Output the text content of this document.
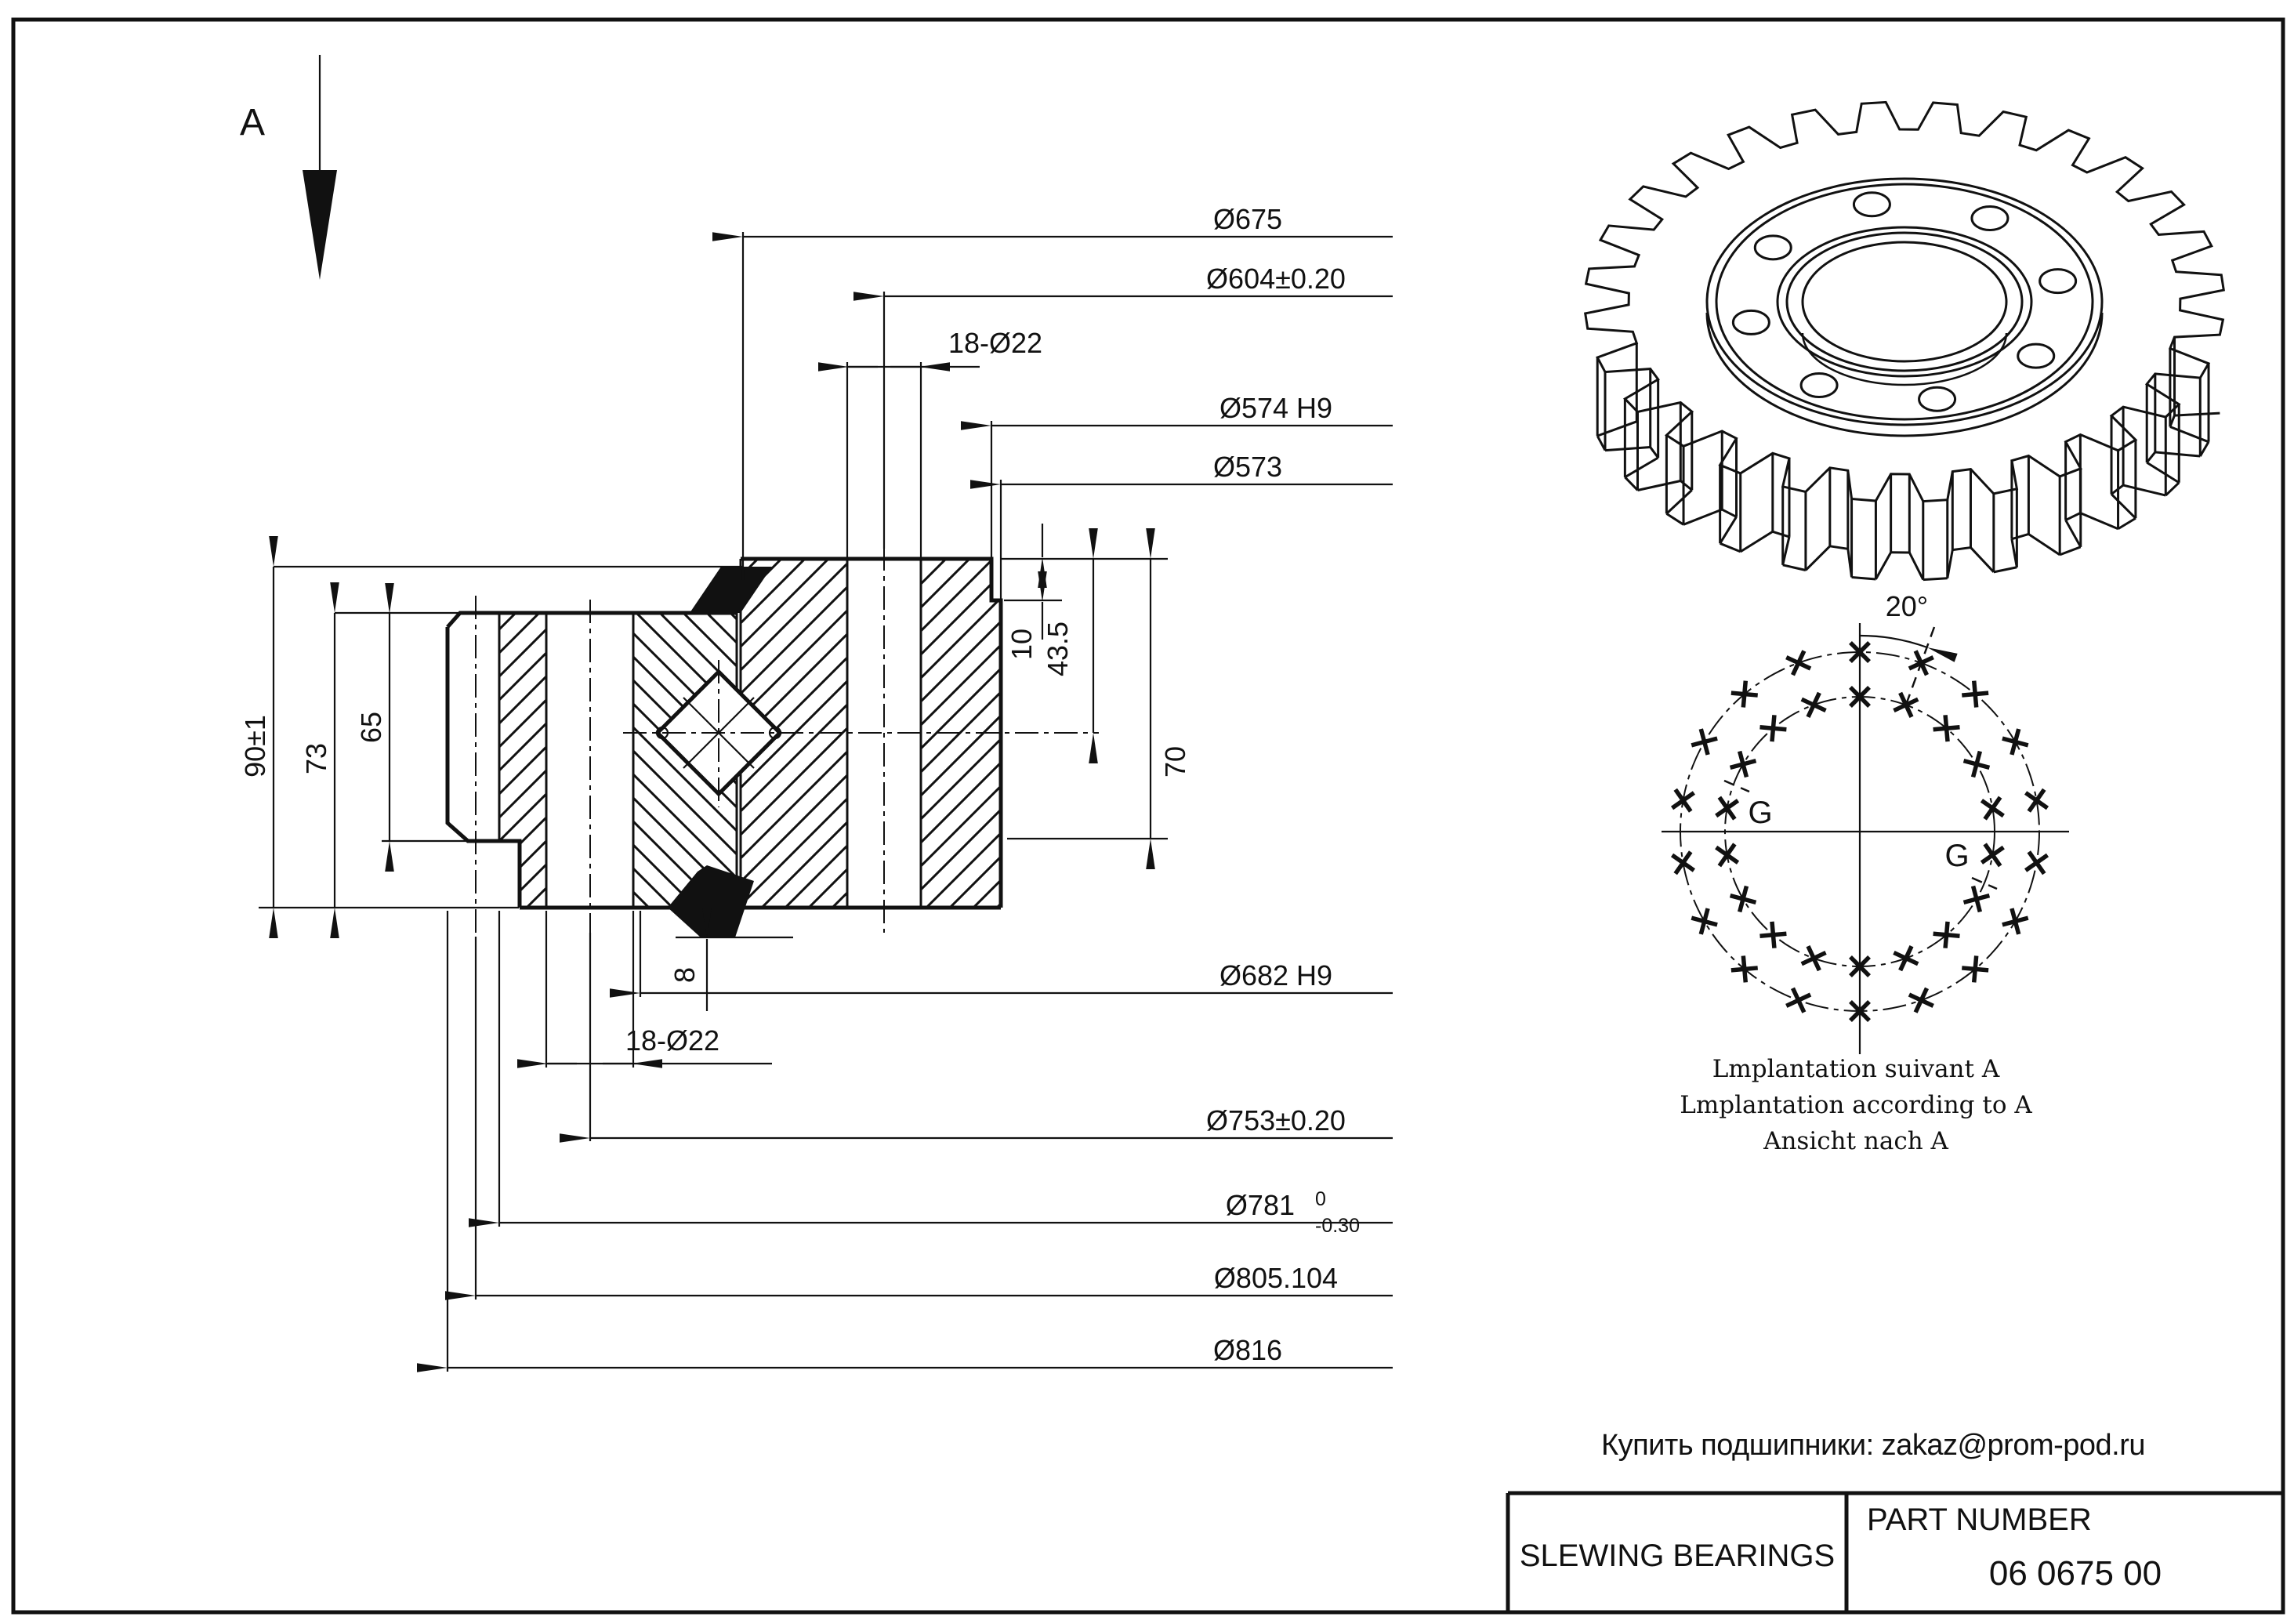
A
Ø675
Ø604±0.20
18-Ø22
Ø574 H9
Ø573
Ø682 H9
18-Ø22
Ø753±0.20
Ø781 0
-0.30
Ø805.104
Ø816
90±1 73
65
10 43.5
70
8
20°
G
G
Lmplantation suivant A
Lmplantation according to A
Ansicht nach A
Купить подшипники: zakaz@prom-pod.ru
SLEWING BEARINGS
PART NUMBER
06 0675 00
